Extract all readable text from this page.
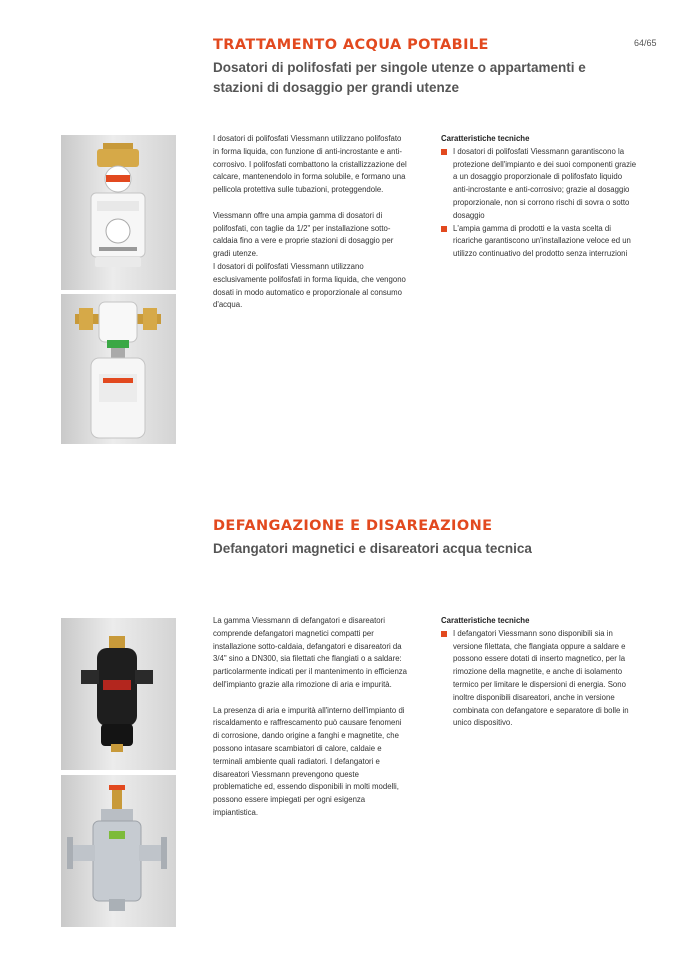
64/65
TRATTAMENTO ACQUA POTABILE
Dosatori di polifosfati per singole utenze o appartamenti e stazioni di dosaggio per grandi utenze

I dosatori di polifosfati Viessmann utilizzano polifosfato in forma liquida, con funzione di anti-incrostante e anti-corrosivo. I polifosfati combattono la cristallizzazione del calcare, mantenendolo in forma solubile, e formano una pellicola protettiva sulle tubazioni, proteggendole.

Viessmann offre una ampia gamma di dosatori di polifosfati, con taglie da 1/2" per installazione sotto-caldaia fino a vere e proprie stazioni di dosaggio per gradi utenze.

I dosatori di polifosfati Viessmann utilizzano esclusivamente polifosfati in forma liquida, che vengono dosati in modo automatico e proporzionale al consumo d'acqua.

Caratteristiche tecniche

I dosatori di polifosfati Viessmann garantiscono la protezione dell'impianto e dei suoi componenti grazie a un dosaggio proporzionale di polifosfato liquido anti-incrostante e anti-corrosivo; grazie al dosaggio proporzionale, non si corrono rischi di sovra o sotto dosaggio
L'ampia gamma di prodotti e la vasta scelta di ricariche garantiscono un'installazione veloce ed un utilizzo continuativo del prodotto senza interruzioni
DEFANGAZIONE E DISAREAZIONE
Defangatori magnetici e disareatori acqua tecnica

La gamma Viessmann di defangatori e disareatori comprende defangatori magnetici compatti per installazione sotto-caldaia, defangatori e disareatori da 3/4" sino a DN300, sia filettati che flangiati o a saldare: particolarmente indicati per il mantenimento in efficienza dell'impianto grazie alla rimozione di aria e impurità.

La presenza di aria e impurità all'interno dell'impianto di riscaldamento e raffrescamento può causare fenomeni di corrosione, dando origine a fanghi e magnetite, che possono intasare scambiatori di calore, caldaie e terminali ambiente quali radiatori. I defangatori e disareatori Viessmann prevengono queste problematiche ed, essendo disponibili in molti modelli, possono essere impiegati per ogni esigenza impiantistica.

Caratteristiche tecniche

I defangatori Viessmann sono disponibili sia in versione filettata, che flangiata oppure a saldare e possono essere dotati di inserto magnetico, per la rimozione della magnetite, e anche di isolamento termico per limitare le dispersioni di energia. Sono inoltre disponibili disareatori, anche in versione combinata con defangatore e separatore di bolle in unico dispositivo.
